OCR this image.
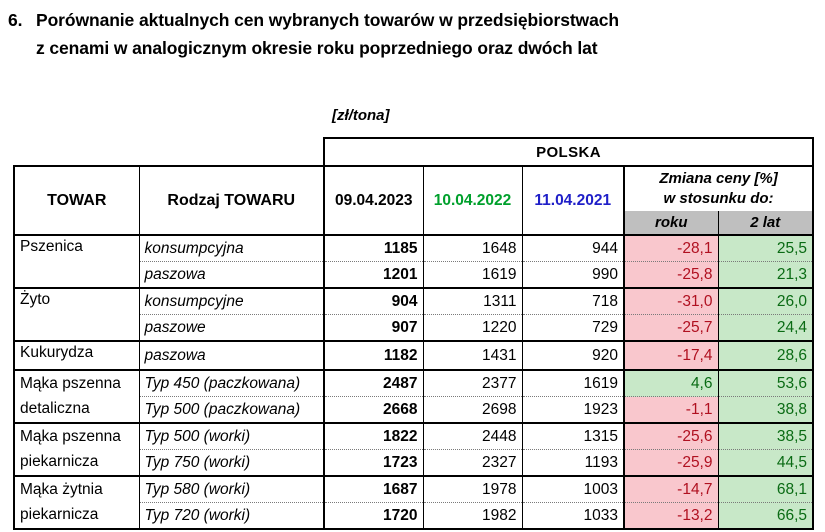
6. Porównanie aktualnych cen wybranych towarów w przedsiębiorstwach
z cenami w analogicznym okresie roku poprzedniego oraz dwóch lat
[zł/tona]
		POLSKA				
TOWAR	Rodzaj TOWARU	09.04.2023	10.04.2022	11.04.2021	Zmiana ceny [%]
w stosunku do:	

					roku	2 lat
Pszenica	konsumpcyjna	1185	1648	944	-28,1	25,5
	paszowa	1201	1619	990	-25,8	21,3
Żyto	konsumpcyjne	904	1311	718	-31,0	26,0
	paszowe	907	1220	729	-25,7	24,4
Kukurydza	paszowa	1182	1431	920	-17,4	28,6
Mąka pszenna	Typ 450 (paczkowana)	2487	2377	1619	4,6	53,6
detaliczna	Typ 500 (paczkowana)	2668	2698	1923	-1,1	38,8
Mąka pszenna	Typ 500 (worki)	1822	2448	1315	-25,6	38,5
piekarnicza	Typ 750 (worki)	1723	2327	1193	-25,9	44,5
Mąka żytnia	Typ 580 (worki)	1687	1978	1003	-14,7	68,1
piekarnicza	Typ 720 (worki)	1720	1982	1033	-13,2	66,5
